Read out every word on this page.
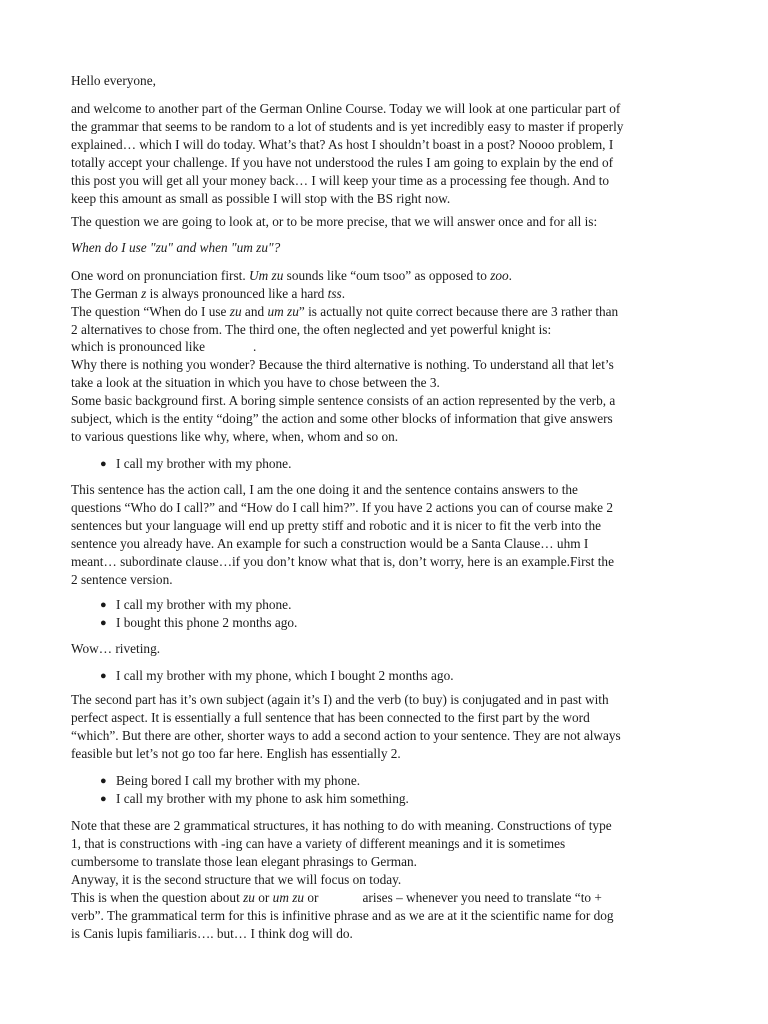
Hello everyone,
and welcome to another part of the German Online Course. Today we will look at one particular part of
the grammar that seems to be random to a lot of students and is yet incredibly easy to master if properly
explained… which I will do today. What’s that? As host I shouldn’t boast in a post? Noooo problem, I
totally accept your challenge. If you have not understood the rules I am going to explain by the end of
this post you will get all your money back… I will keep your time as a processing fee though. And to
keep this amount as small as possible I will stop with the BS right now.
The question we are going to look at, or to be more precise, that we will answer once and for all is:
When do I use "zu" and when "um zu"?
One word on pronunciation first. Um zu sounds like “oum tsoo” as opposed to zoo.
The German z is always pronounced like a hard tss.
The question “When do I use zu and um zu” is actually not quite correct because there are 3 rather than
2 alternatives to chose from. The third one, the often neglected and yet powerful knight is:
which is pronounced like	.
Why there is nothing you wonder? Because the third alternative is nothing. To understand all that let’s
take a look at the situation in which you have to chose between the 3.
Some basic background first. A boring simple sentence consists of an action represented by the verb, a
subject, which is the entity “doing” the action and some other blocks of information that give answers
to various questions like why, where, when, whom and so on.
● I call my brother with my phone.
This sentence has the action call, I am the one doing it and the sentence contains answers to the
questions “Who do I call?” and “How do I call him?”. If you have 2 actions you can of course make 2
sentences but your language will end up pretty stiff and robotic and it is nicer to fit the verb into the
sentence you already have. An example for such a construction would be a Santa Clause… uhm I
meant… subordinate clause…if you don’t know what that is, don’t worry, here is an example.First the
2 sentence version.
● I call my brother with my phone.
● I bought this phone 2 months ago.
Wow… riveting.
● I call my brother with my phone, which I bought 2 months ago.
The second part has it’s own subject (again it’s I) and the verb (to buy) is conjugated and in past with
perfect aspect. It is essentially a full sentence that has been connected to the first part by the word
“which”. But there are other, shorter ways to add a second action to your sentence. They are not always
feasible but let’s not go too far here. English has essentially 2.
● Being bored I call my brother with my phone.
● I call my brother with my phone to ask him something.
Note that these are 2 grammatical structures, it has nothing to do with meaning. Constructions of type
1, that is constructions with -ing can have a variety of different meanings and it is sometimes
cumbersome to translate those lean elegant phrasings to German.
Anyway, it is the second structure that we will focus on today.
This is when the question about zu or um zu or	arises – whenever you need to translate “to +
verb”. The grammatical term for this is infinitive phrase and as we are at it the scientific name for dog
is Canis lupis familiaris…. but… I think dog will do.
